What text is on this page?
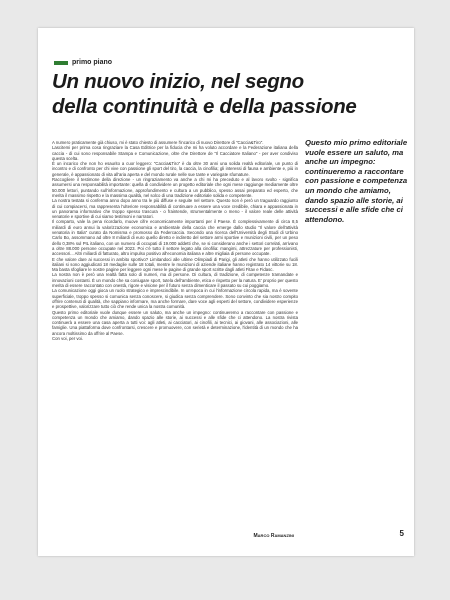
primo piano
Un nuovo inizio, nel segno
della continuità e della passione

A numero praticamente già chiuso, mi è stato chiesto di assumere l'incarico di nuovo Direttore di "Caccia&Tiro".

Lascitemi per prima cosa ringraziare la Casa Editrice per la fiducia che mi ha voluto accordare e la Federazione italiana della caccia - di cui sono responsabile Stampa e Comunicazione, oltre che Direttore de "Il Cacciatore Italiano" - per aver condiviso questa scelta.

È un incarico che non ho esaurito a cuor leggero: "Caccia&Tiro" è da oltre 30 anni una solida realtà editoriale, un punto di incontro e di confronto per chi vive con passione gli sport del tiro, la caccia, la cinofilia; gli interessi di fauna e ambiente e, più in generale, è appassionato di vita all'aria aperta e del mondo rurale nelle sue tante e variegate sfumature.

Raccogliere il testimone della direzione - un ringraziamento va anche a chi mi ha preceduto e al lavoro svolto - significa assumersi una responsabilità importante: quella di condividere un progetto editoriale che ogni mese raggiunge mediamente oltre 50.000 lettori, puntando sull'informazione, approfondimento e cultura a un pubblico, spesso assai preparato ed esperto, che merita il massimo rispetto e la massima qualità, nel solco di una tradizione editoriale solida e competente.

La nostra testata si conferma anno dopo anno tra le più diffuse e seguite nel settore. Questo non è però un traguardo raggiunto di cui compiacersi, ma rappresenta l'ulteriore responsabilità di continuare a essere una voce credibile, chiara e appassionata in un panorama informativo che troppo spesso trascura - o fraintende, strumentalmente o meno - il valore reale delle attività venatorie e sportive di cui siamo testimoni e narratori.

Il comparto, vale la pena ricordarlo, muove cifre economicamente importanti per il Paese. È complessivamente di circa 8,5 miliardi di euro annui la valorizzazione economica e ambientale della caccia che emerge dallo studio "Il valore dell'attività venatoria in Italia" curato da Nomisma e promosso da Federcaccia. Secondo una ricerca dell'Università degli Studi di Urbino Carlo Bo, assommano ad oltre 8 miliardi di euro quello diretto e indiretto del settore armi sportive e munizioni civili, per un peso dello 0,38% sul PIL italiano, con un numero di occupati di 19.000 addetti che, se si considerano anche i settori correlati, arrivano a oltre 88.000 persone occupate nel 2023. Poi c'è tutto il settore legato alla cinofilia: mangimi, attrezzature per professionisti, accessori... Altri miliardi di fatturato, altro impulso positivo all'economia italiana e altre migliaia di persone occupate.

E che valore dare ai successi in ambito sportivo? Limitandoci alle ultime Olimpiadi di Parigi, gli atleti che hanno utilizzato fucili italiani si sono aggiudicati 18 medaglie sulle 18 totali, mentre le munizioni di aziende italiane hanno registrato 14 vittorie su 18. Ma basta sfogliare le nostre pagine per leggere ogni mese le pagine di grande sport scritte dagli atleti Fitav e Fidasc.

La nostra non è però una realtà fatta solo di numeri, ma di persone. Di cultura, di tradizione, di competenze tramandate e innovazioni costanti. È un mondo che sa coniugare sport, tutela dell'ambiente, etica e rispetto per la natura. E' proprio per questo merita di essere raccontato con onestà, rigore e visione per il futuro senza dimenticare il passato su cui poggiamo.

La comunicazione oggi gioca un ruolo strategico e imprescindibile. In un'epoca in cui l'informazione circola rapida, ma è sovente superficiale, troppo spesso si comunica senza conoscere, si giudica senza comprendere. Sono convinto che sia nostro compito offrire contenuti di qualità, che sappiano informare, ma anche formare, dare voce agli esperti del settore, condividere esperienze e prospettive, valorizzare tutto ciò che rende unica la nostra comunità.

Questo primo editoriale vuole dunque essere un saluto, ma anche un impegno: continueremo a raccontare con passione e competenza un mondo che amiamo, dando spazio alle storie, ai successi e alle sfide che ci attendono. La nostra rivista continuerà a essere una casa aperta a tutti voi: agli atleti, ai cacciatori, ai cinofili, ai tecnici, ai giovani, alle associazioni, alle famiglie. Una piattaforma dove confrontarsi, crescere e promuovere, con serietà e determinazione, l'identità di un mondo che ha ancora moltissimo da offrire al Paese.

Con voi, per voi.

Marco Ramanzini
Questo mio primo editoriale vuole essere un saluto, ma anche un impegno: continueremo a raccontare con passione e competenza un mondo che amiamo, dando spazio alle storie, ai successi e alle sfide che ci attendono.
5
